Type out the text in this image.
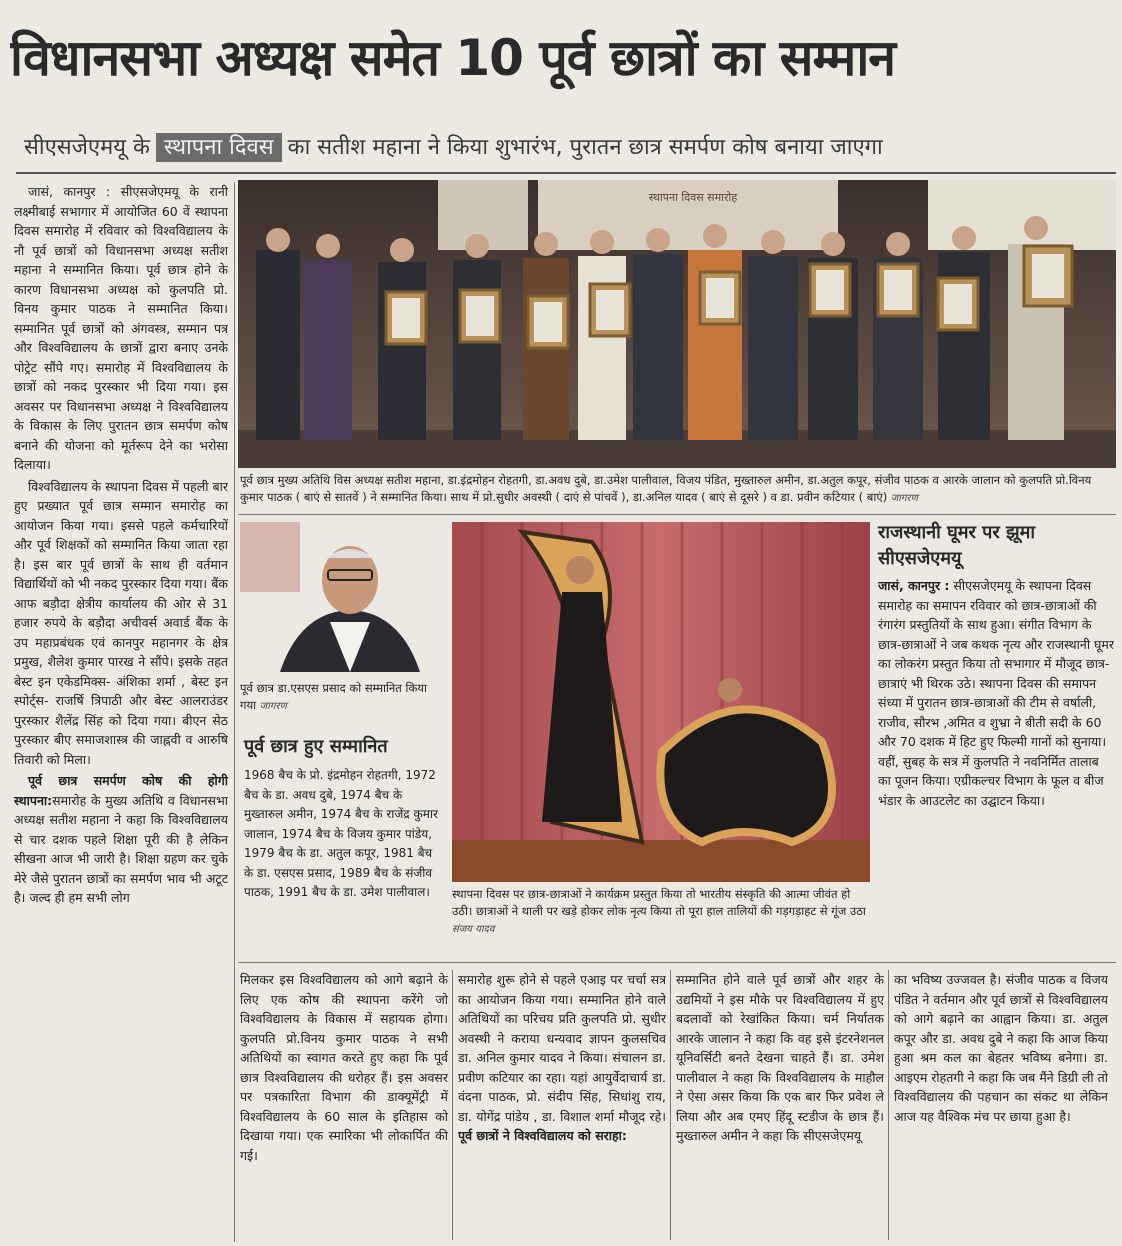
विधानसभा अध्यक्ष समेत 10 पूर्व छात्रों का सम्मान
सीएसजेएमयू के स्थापना दिवस का सतीश महाना ने किया शुभारंभ, पुरातन छात्र समर्पण कोष बनाया जाएगा

जासं, कानपुर : सीएसजेएमयू के रानी लक्ष्मीबाई सभागार में आयोजित 60 वें स्थापना दिवस समारोह में रविवार को विश्वविद्यालय के नौ पूर्व छात्रों को विधानसभा अध्यक्ष सतीश महाना ने सम्मानित किया। पूर्व छात्र होने के कारण विधानसभा अध्यक्ष को कुलपति प्रो. विनय कुमार पाठक ने सम्मानित किया। सम्मानित पूर्व छात्रों को अंगवस्त्र, सम्मान पत्र और विश्वविद्यालय के छात्रों द्वारा बनाए उनके पोट्रेट सौंपे गए। समारोह में विश्वविद्यालय के छात्रों को नकद पुरस्कार भी दिया गया। इस अवसर पर विधानसभा अध्यक्ष ने विश्वविद्यालय के विकास के लिए पुरातन छात्र समर्पण कोष बनाने की योजना को मूर्तरूप देने का भरोसा दिलाया।

विश्वविद्यालय के स्थापना दिवस में पहली बार हुए प्रख्यात पूर्व छात्र सम्मान समारोह का आयोजन किया गया। इससे पहले कर्मचारियों और पूर्व शिक्षकों को सम्मानित किया जाता रहा है। इस बार पूर्व छात्रों के साथ ही वर्तमान विद्यार्थियों को भी नकद पुरस्कार दिया गया। बैंक आफ बड़ौदा क्षेत्रीय कार्यालय की ओर से 31 हजार रुपये के बड़ौदा अचीवर्स अवार्ड बैंक के उप महाप्रबंधक एवं कानपुर महानगर के क्षेत्र प्रमुख, शैलेश कुमार पारख ने सौंपे। इसके तहत बेस्ट इन एकेडमिक्स- अंशिका शर्मा , बेस्ट इन स्पोर्ट्स- राजर्षि त्रिपाठी और बेस्ट आलराउंडर पुरस्कार शैलेंद्र सिंह को दिया गया। बीएन सेठ पुरस्कार बीए समाजशास्त्र की जाह्नवी व आरुषि तिवारी को मिला।

पूर्व छात्र समर्पण कोष की होगी स्थापना:समारोह के मुख्य अतिथि व विधानसभा अध्यक्ष सतीश महाना ने कहा कि विश्वविद्यालय से चार दशक पहले शिक्षा पूरी की है लेकिन सीखना आज भी जारी है। शिक्षा ग्रहण कर चुके मेरे जैसे पुरातन छात्रों का समर्पण भाव भी अटूट है। जल्द ही हम सभी लोग

स्थापना दिवस समारोह
पूर्व छात्र मुख्य अतिथि विस अध्यक्ष सतीश महाना, डा.इंद्रमोहन रोहतगी, डा.अवध दुबे, डा.उमेश पालीवाल, विजय पंडित, मुख्तारुल अमीन, डा.अतुल कपूर, संजीव पाठक व आरके जालान को कुलपति प्रो.विनय कुमार पाठक ( बाएं से सातवें ) ने सम्मानित किया। साथ में प्रो.सुधीर अवस्थी ( दाएं से पांचवें ), डा.अनिल यादव ( बाएं से दूसरे ) व डा. प्रवीन कटियार ( बाएं) जागरण
पूर्व छात्र डा.एसएस प्रसाद को सम्मानित किया गया जागरण
पूर्व छात्र हुए सम्मानित
1968 बैच के प्रो. इंद्रमोहन रोहतगी, 1972 बैच के डा. अवध दुबे, 1974 बैच के मुख्तारुल अमीन, 1974 बैच के राजेंद्र कुमार जालान, 1974 बैच के विजय कुमार पांडेय, 1979 बैच के डा. अतुल कपूर, 1981 बैच के डा. एसएस प्रसाद, 1989 बैच के संजीव पाठक, 1991 बैच के डा. उमेश पालीवाल।	स्थापना दिवस पर छात्र-छात्राओं ने कार्यक्रम प्रस्तुत किया तो भारतीय संस्कृति की आत्मा जीवंत हो उठी। छात्राओं ने थाली पर खड़े होकर लोक नृत्य किया तो पूरा हाल तालियों की गड़गड़ाहट से गूंज उठा संजय यादव
राजस्थानी घूमर पर झूमा सीएसजेएमयू
जासं, कानपुर : सीएसजेएमयू के स्थापना दिवस समारोह का समापन रविवार को छात्र-छात्राओं की रंगारंग प्रस्तुतियों के साथ हुआ। संगीत विभाग के छात्र-छात्राओं ने जब कथक नृत्य और राजस्थानी घूमर का लोकरंग प्रस्तुत किया तो सभागार में मौजूद छात्र-छात्राएं भी थिरक उठे। स्थापना दिवस की समापन संध्या में पुरातन छात्र-छात्राओं की टीम से वर्षाली, राजीव, सौरभ ,अमित व शुभ्रा ने बीती सदी के 60 और 70 दशक में हिट हुए फिल्मी गानों को सुनाया। वहीं, सुबह के सत्र में कुलपति ने नवनिर्मित तालाब का पूजन किया। एग्रीकल्चर विभाग के फूल व बीज भंडार के आउटलेट का उद्घाटन किया।
मिलकर इस विश्वविद्यालय को आगे बढ़ाने के लिए एक कोष की स्थापना करेंगे जो विश्वविद्यालय के विकास में सहायक होगा। कुलपति प्रो.विनय कुमार पाठक ने सभी अतिथियों का स्वागत करते हुए कहा कि पूर्व छात्र विश्वविद्यालय की धरोहर हैं। इस अवसर पर पत्रकारिता विभाग की डाक्यूमेंट्री में विश्वविद्यालय के 60 साल के इतिहास को दिखाया गया। एक स्मारिका भी लोकार्पित की गई।
समारोह शुरू होने से पहले एआइ पर चर्चा सत्र का आयोजन किया गया। सम्मानित होने वाले अतिथियों का परिचय प्रति कुलपति प्रो. सुधीर अवस्थी ने कराया धन्यवाद ज्ञापन कुलसचिव डा. अनिल कुमार यादव ने किया। संचालन डा. प्रवीण कटियार का रहा। यहां आयुर्वेदाचार्य डा. वंदना पाठक, प्रो. संदीप सिंह, सिधांशु राय, डा. योगेंद्र पांडेय , डा. विशाल शर्मा मौजूद रहे। पूर्व छात्रों ने विश्वविद्यालय को सराहा:
सम्मानित होने वाले पूर्व छात्रों और शहर के उद्यमियों ने इस मौके पर विश्वविद्यालय में हुए बदलावों को रेखांकित किया। चर्म निर्यातक आरके जालान ने कहा कि वह इसे इंटरनेशनल यूनिवर्सिटी बनते देखना चाहते हैं। डा. उमेश पालीवाल ने कहा कि विश्वविद्यालय के माहौल ने ऐसा असर किया कि एक बार फिर प्रवेश ले लिया और अब एमए हिंदू स्टडीज के छात्र हैं। मुख्तारुल अमीन ने कहा कि सीएसजेएमयू
का भविष्य उज्जवल है। संजीव पाठक व विजय पंडित ने वर्तमान और पूर्व छात्रों से विश्वविद्यालय को आगे बढ़ाने का आह्वान किया। डा. अतुल कपूर और डा. अवध दुबे ने कहा कि आज किया हुआ श्रम कल का बेहतर भविष्य बनेगा। डा. आइएम रोहतगी ने कहा कि जब मैंने डिग्री ली तो विश्वविद्यालय की पहचान का संकट था लेकिन आज यह वैश्विक मंच पर छाया हुआ है।
